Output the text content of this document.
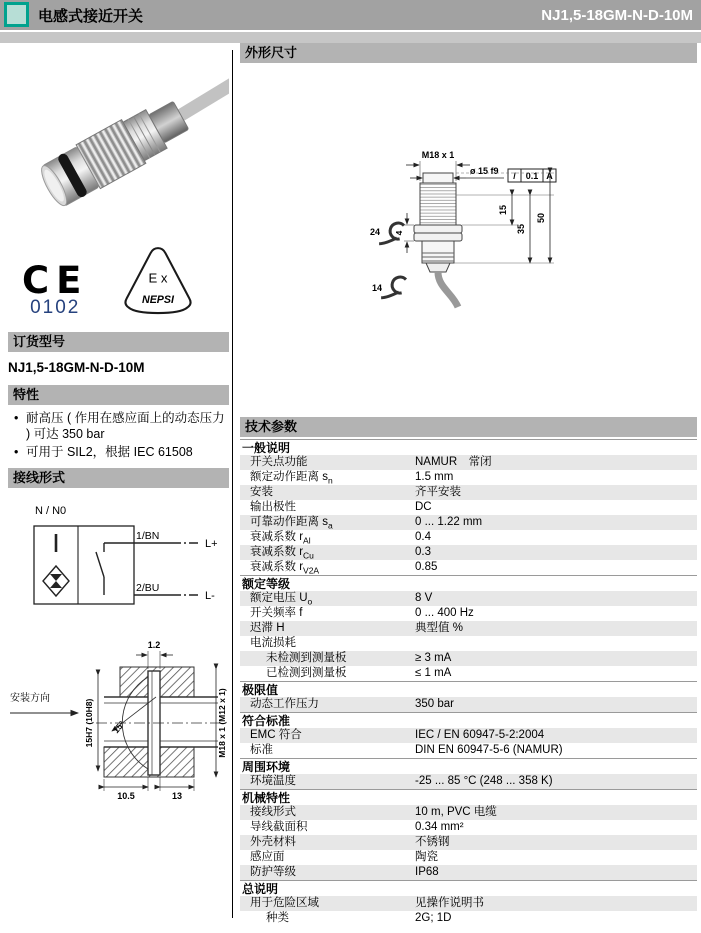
电感式接近开关	NJ1,5-18GM-N-D-10M
CE
0102
E x
NEPSI
订货型号
NJ1,5-18GM-N-D-10M
特性
• 耐高压 ( 作用在感应面上的动态压力 ) 可达 350 bar
• 可用于 SIL2，根据 IEC 61508
接线形式
N / N0
1/BN
2/BU
L+
L-
安装方向
1.2
15H7 (10H8) 15°
10.5	13
M18 x 1 (M12 x 1)
外形尺寸
M18 x 1
ø 15 f9 / 0.1 A
24
14
4
15
35
50
技术参数
一般说明
开关点功能	NAMUR　常闭
额定动作距离 $s_n$	1.5 mm
安装	齐平安装
输出极性	DC
可靠动作距离 $s_a$	0 ... 1.22 mm
衰减系数 $r_{Al}$	0.4
衰减系数 $r_{Cu}$	0.3
衰减系数 $r_{V2A}$	0.85
额定等级
额定电压 $U_o$	8 V
开关频率 f	0 ... 400 Hz
迟滞 H	典型值 %
电流损耗
未检测到测量板	≥ 3 mA
已检测到测量板	≤ 1 mA
极限值
动态工作压力	350 bar
符合标准
EMC 符合	IEC / EN 60947-5-2:2004
标准	DIN EN 60947-5-6 (NAMUR)
周围环境
环境温度	-25 ... 85 °C (248 ... 358 K)
机械特性
接线形式	10 m, PVC 电缆
导线截面积	0.34 mm²
外壳材料	不锈钢
感应面	陶瓷
防护等级	IP68
总说明
用于危险区域	见操作说明书
种类	2G; 1D
